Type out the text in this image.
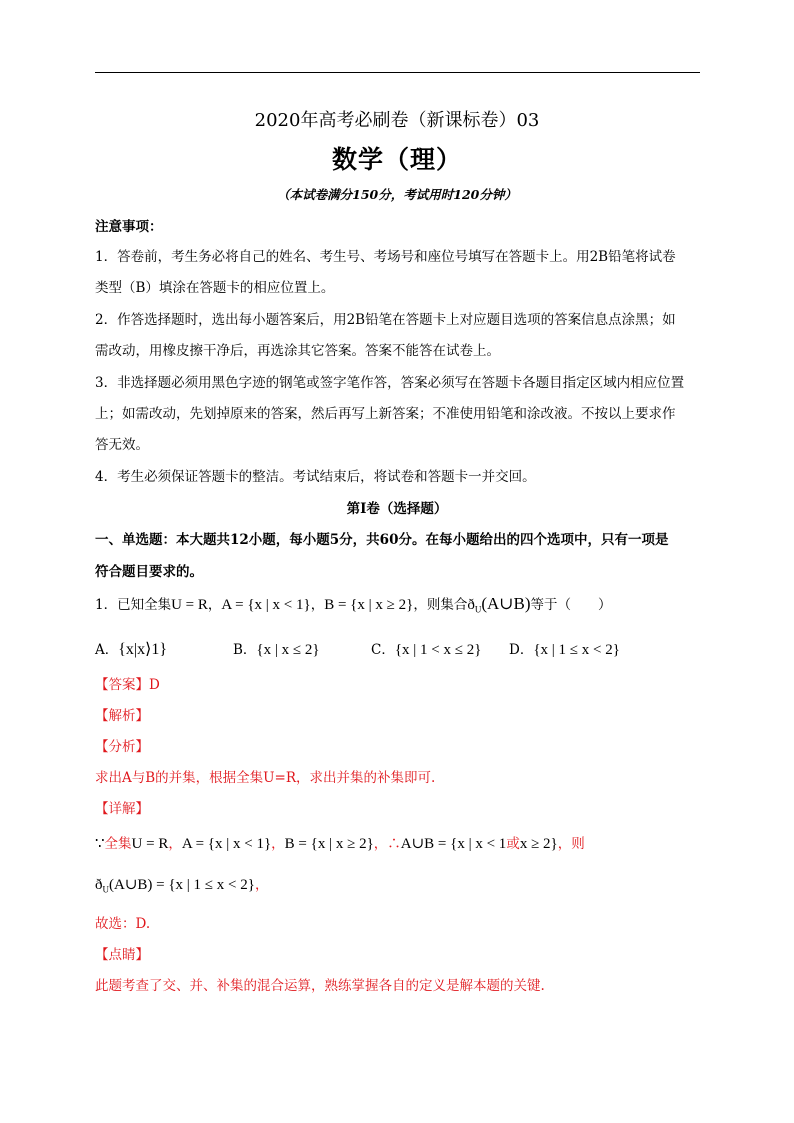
2020年高考必刷卷（新课标卷）03
数学（理）
（本试卷满分150分，考试用时120分钟）
注意事项：
1．答卷前，考生务必将自己的姓名、考生号、考场号和座位号填写在答题卡上。用2B铅笔将试卷
类型（B）填涂在答题卡的相应位置上。
2．作答选择题时，选出每小题答案后，用2B铅笔在答题卡上对应题目选项的答案信息点涂黑；如
需改动，用橡皮擦干净后，再选涂其它答案。答案不能答在试卷上。
3．非选择题必须用黑色字迹的钢笔或签字笔作答，答案必须写在答题卡各题目指定区域内相应位置
上；如需改动，先划掉原来的答案，然后再写上新答案；不准使用铅笔和涂改液。不按以上要求作
答无效。
4．考生必须保证答题卡的整洁。考试结束后，将试卷和答题卡一并交回。
第Ⅰ卷（选择题）
一、单选题：本大题共12小题，每小题5分，共60分。在每小题给出的四个选项中，只有一项是
符合题目要求的。
1．已知全集U = R，A = {x | x < 1}，B = {x | x ≥ 2}，则集合$ð_U(A\cup B)$等于（　　）
A．{x|x⟩1}	B．{x | x ≤ 2}	C．{x | 1 < x ≤ 2} D．{x | 1 ≤ x < 2}
【答案】D
【解析】
【分析】
求出A与B的并集，根据全集U=R，求出并集的补集即可.
【详解】
∵全集U = R，A = {x | x < 1}，B = {x | x ≥ 2}，∴A∪B = {x | x < 1或x ≥ 2}，则
$ð_U(A\cup B) = \{x$ | 1 ≤ x < 2}，
故选：D.
【点睛】
此题考查了交、并、补集的混合运算，熟练掌握各自的定义是解本题的关键.
